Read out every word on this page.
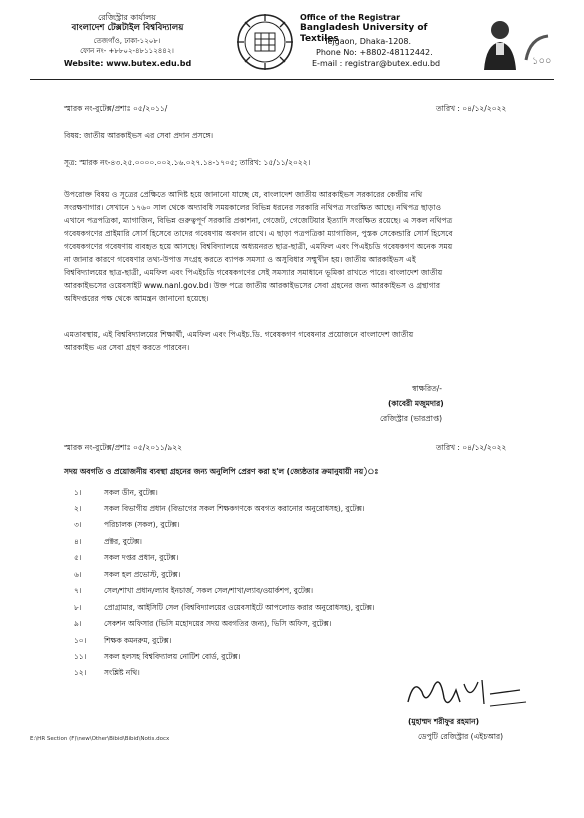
রেজিস্ট্রার কার্যালয়
বাংলাদেশ টেক্সটাইল বিশ্ববিদ্যালয়
তেজগাঁও, ঢাকা-১২০৮।
ফোন নং- +৮৮০২-৪৮১১২৪৪২।
Website: www.butex.edu.bd
Office of the Registrar
Bangladesh University of Textiles
Tejgaon, Dhaka-1208.
Phone No: +8802-48112442.
E-mail : registrar@butex.edu.bd	১০০
স্মারক নং-বুটেক্স/প্রশাঃ ০৫/২০১১/	তারিখ : ০৪/১২/২০২২
বিষয়: জাতীয় আরকাইভস এর সেবা প্রদান প্রসঙ্গে।
সূত্র: স্মারক নং-৪৩.২৫.০০০০.০০২.১৬.০২৭.১৪-১৭০৫; তারিখ: ১৫/১১/২০২২।
উপরোক্ত বিষয় ও সূত্রের প্রেক্ষিতে আদিষ্ট হয়ে জানানো যাচ্ছে যে, বাংলাদেশ জাতীয় আরকাইভস সরকারের কেন্দ্রীয় নথি
সংরক্ষণাগার। সেখানে ১৭৬০ সাল থেকে অদ্যাবধি সময়কালের বিভিন্ন ধরনের সরকারি নথিপত্র সংরক্ষিত আছে। নথিপত্র ছাড়াও
এখানে পত্রপত্রিকা, ম্যাগাজিন, বিভিন্ন গুরুত্বপূর্ণ সরকারি প্রকাশনা, গেজেট, গেজেটিয়ার ইত্যাদি সংরক্ষিত রয়েছে। এ সকল নথিপত্র
গবেষকগণের প্রাইমারি সোর্স হিসেবে তাদের গবেষণায় অবদান রাখে। এ ছাড়া পত্রপত্রিকা ম্যাগাজিন, পুস্তক সেকেন্ডারি সোর্স হিসেবে
গবেষকগণের গবেষণায় ব্যবহৃত হয়ে আসছে। বিশ্ববিদ্যালয়ে অধ্যয়নরত ছাত্র-ছাত্রী, এমফিল এবং পিএইচডি গবেষকগণ অনেক সময়
না জানার কারণে গবেষণার তথ্য-উপাত্ত সংগ্রহ করতে ব্যাপক সমস্যা ও অসুবিধার সম্মুখীন হয়। জাতীয় আরকাইভস এই
বিশ্ববিদ্যালয়ের ছাত্র-ছাত্রী, এমফিল এবং পিএইচডি গবেষকগণের সেই সমস্যার সমাধানে ভূমিকা রাখতে পারে। বাংলাদেশ জাতীয়
আরকাইভসের ওয়েবসাইট www.nanl.gov.bd। উক্ত পত্রে জাতীয় আরকাইভসের সেবা গ্রহনের জন্য আরকাইভস ও গ্রন্থাগার
অধিদপ্তরের পক্ষ থেকে আমন্ত্রন জানানো হয়েছে।
এমতাবস্থায়, এই বিশ্ববিদ্যালয়ের শিক্ষার্থী, এমফিল এবং পিএইচ.ডি. গবেষকগণ গবেষনার প্রয়োজনে বাংলাদেশ জাতীয়
আরকাইভ এর সেবা গ্রহণ করতে পারবেন।
স্বাক্ষরিত/-
(কাবেরী মজুমদার)
রেজিস্ট্রার (ভারপ্রাপ্ত)
স্মারক নং-বুটেক্স/প্রশাঃ ০৫/২০১১/৯২২	তারিখ : ০৪/১২/২০২২
সদয় অবগতি ও প্রয়োজনীয় ব্যবস্থা গ্রহনের জন্য অনুলিপি প্রেরণ করা হ'ল (জ্যেষ্ঠতার ক্রমানুযায়ী নয়)ঃ
১।	সকল ডীন, বুটেক্স।
২।	সকল বিভাগীয় প্রধান (বিভাগের সকল শিক্ষকগণকে অবগত করানোর অনুরোধসহ), বুটেক্স।
৩।	পরিচালক (সকল), বুটেক্স।
৪।	প্রক্টর, বুটেক্স।
৫।	সকল দপ্তর প্রধান, বুটেক্স।
৬।	সকল হল প্রভোস্ট, বুটেক্স।
৭।	সেল/শাখা প্রধান/ল্যাব ইনচার্জ, সকল সেল/শাখা/ল্যাব/ওয়ার্কশপ, বুটেক্স।
৮।	প্রোগ্রামার, আইসিটি সেল (বিশ্ববিদ্যালয়ের ওয়েবসাইটে আপলোড করার অনুরোধসহ), বুটেক্স।
৯।	সেকশন অফিসার (ভিসি মহোদয়ের সদয় অবগতির জন্য), ভিসি অফিস, বুটেক্স।
১০।	শিক্ষক কমনরুম, বুটেক্স।
১১।	সকল হলসহ বিশ্ববিদ্যালয় নোটিশ বোর্ড, বুটেক্স।
১২।	সংশ্লিষ্ট নথি।
(মুহাম্মদ শরীফুর রহমান)
ডেপুটি রেজিস্ট্রার (এইচআর)
E:\HR Section (F)\new\Other\Bibid\Bibid\Notis.docx
